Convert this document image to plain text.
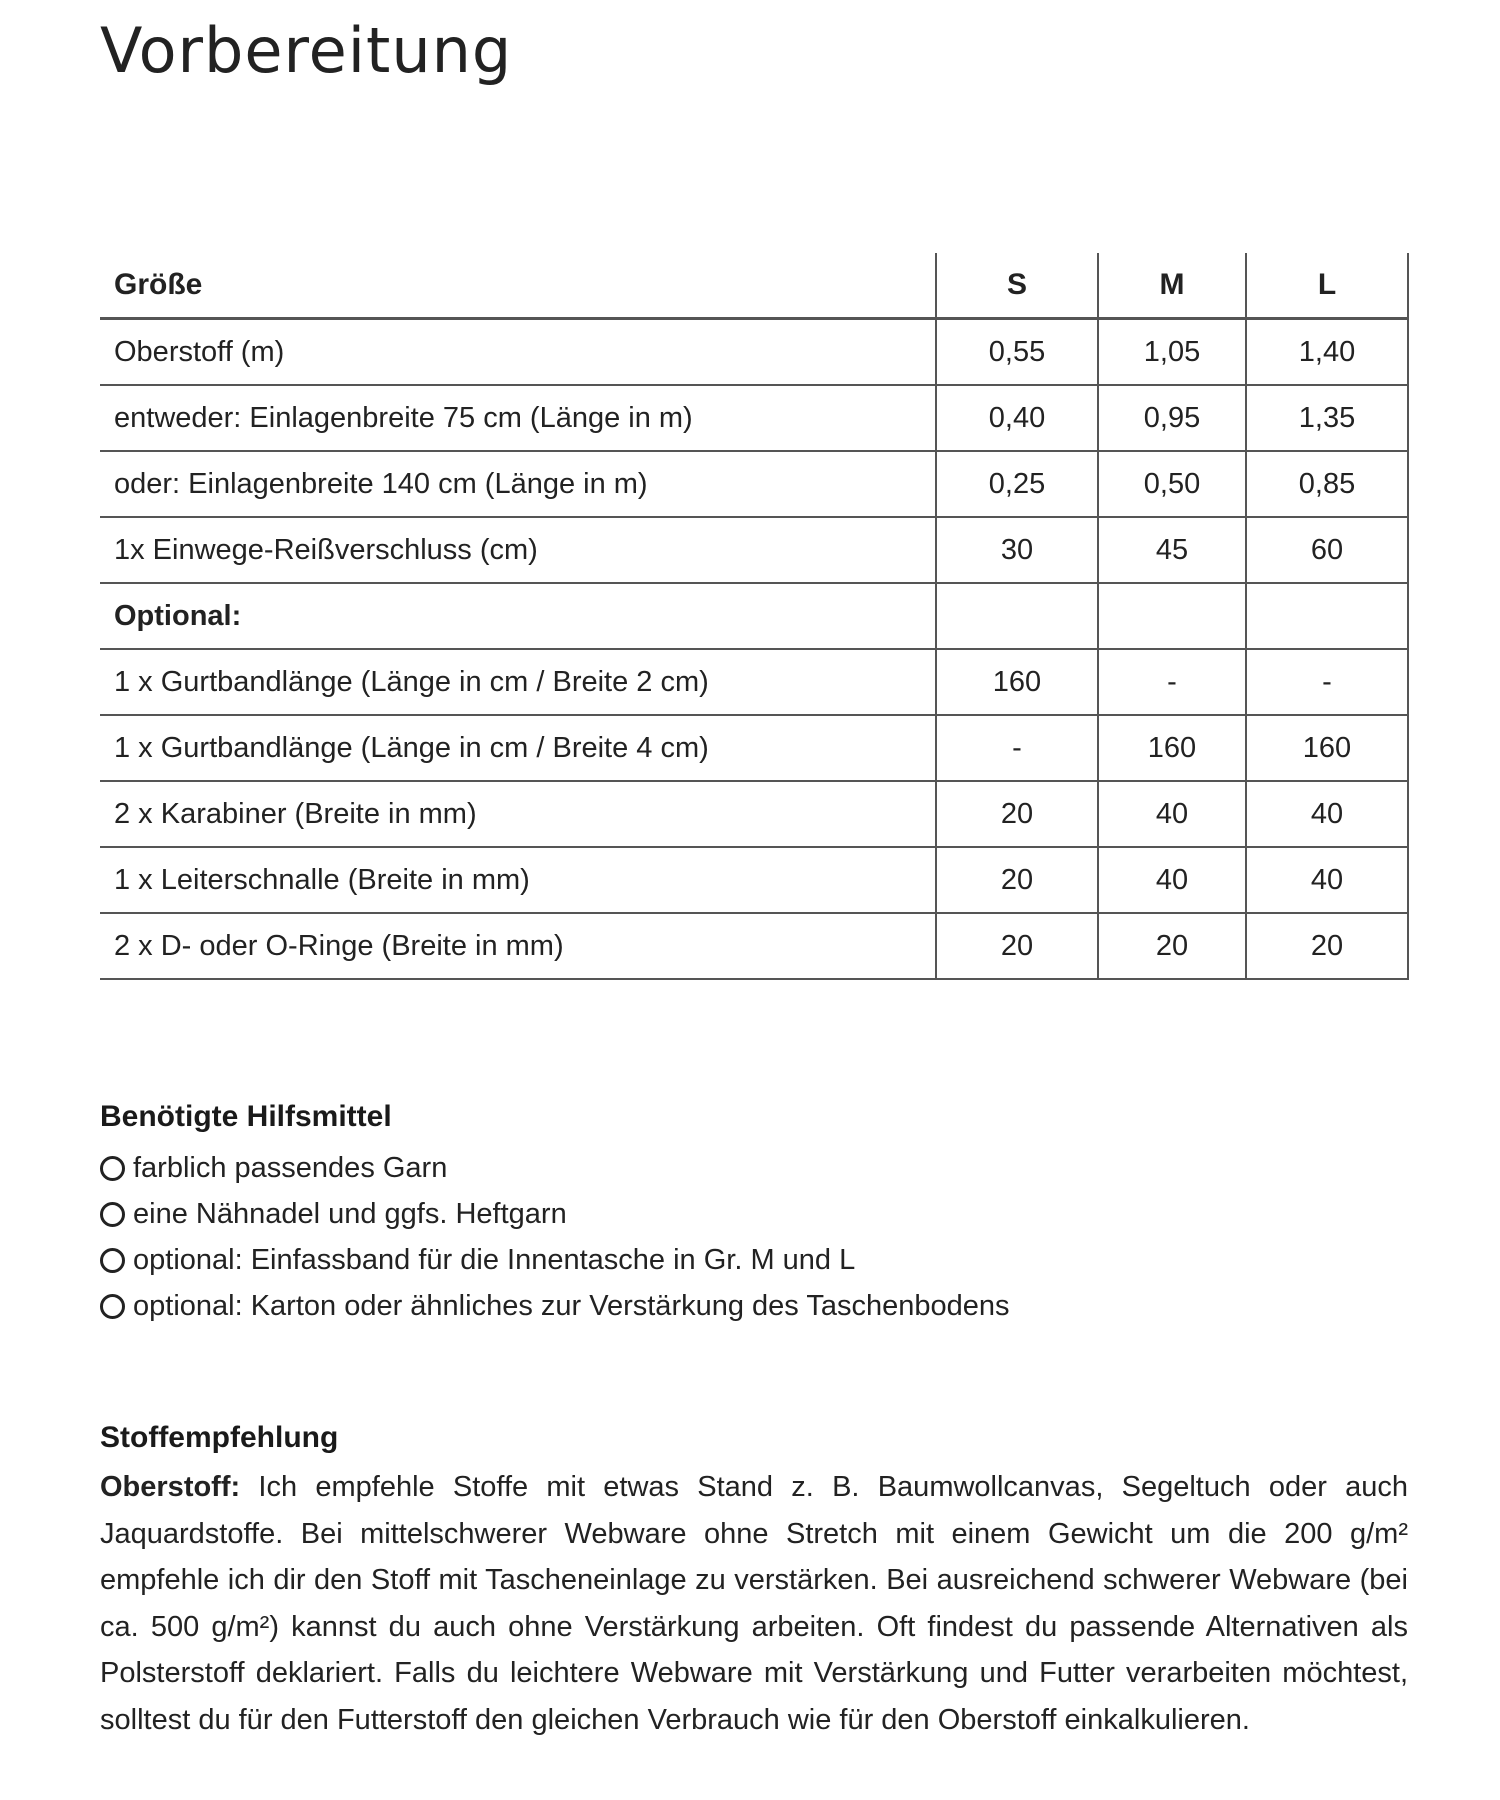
Vorbereitung
Größe	S	M	L
Oberstoff (m)	0,55	1,05	1,40
entweder: Einlagenbreite 75 cm (Länge in m)	0,40	0,95	1,35
oder: Einlagenbreite 140 cm (Länge in m)	0,25	0,50	0,85
1x Einwege-Reißverschluss (cm)	30	45	60
Optional:			
1 x Gurtbandlänge (Länge in cm / Breite 2 cm)	160	-	-
1 x Gurtbandlänge (Länge in cm / Breite 4 cm)	-	160	160
2 x Karabiner (Breite in mm)	20	40	40
1 x Leiterschnalle (Breite in mm)	20	40	40
2 x D- oder O-Ringe (Breite in mm)	20	20	20
Benötigte Hilfsmittel
farblich passendes Garn
eine Nähnadel und ggfs. Heftgarn
optional: Einfassband für die Innentasche in Gr. M und L
optional: Karton oder ähnliches zur Verstärkung des Taschenbodens
Stoffempfehlung

Oberstoff: Ich empfehle Stoffe mit etwas Stand z. B. Baumwollcanvas, Segeltuch oder auch Jaquardstoffe. Bei mittelschwerer Webware ohne Stretch mit einem Gewicht um die 200 g/m² empfehle ich dir den Stoff mit Tascheneinlage zu verstärken. Bei ausreichend schwerer Webware (bei ca. 500 g/m²) kannst du auch ohne Verstärkung arbeiten. Oft findest du passende Alternativen als Polsterstoff deklariert. Falls du leichtere Webware mit Verstärkung und Futter verarbeiten möchtest, solltest du für den Futterstoff den gleichen Verbrauch wie für den Oberstoff einkalkulieren.
